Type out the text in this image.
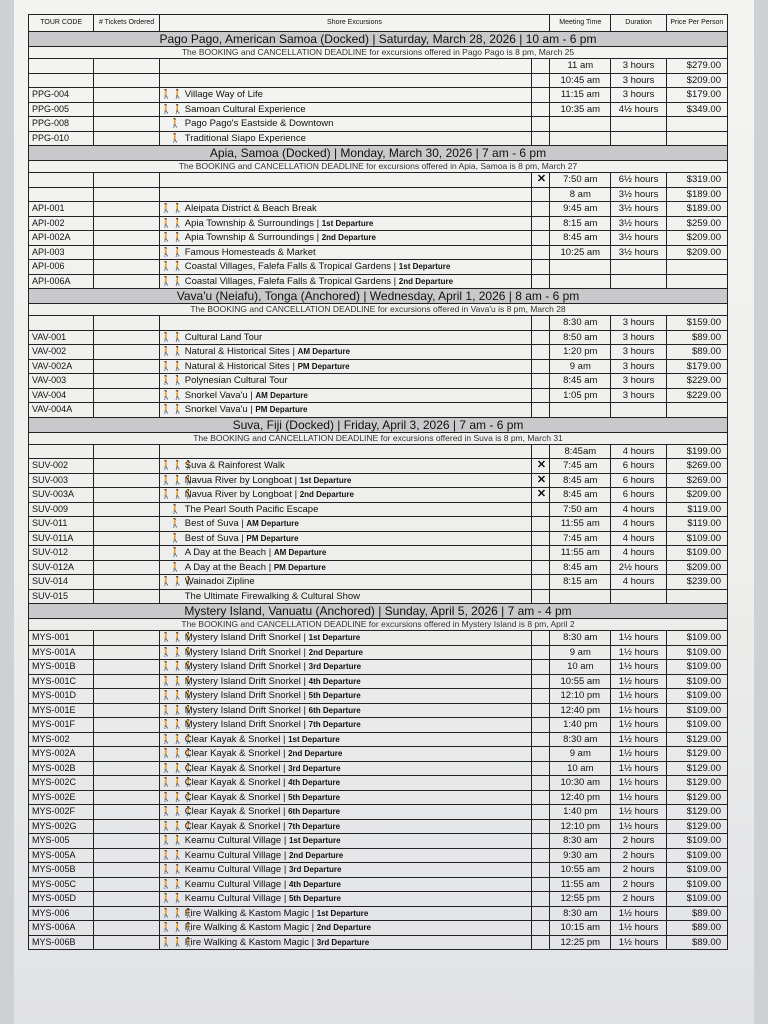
TOUR CODE	# Tickets Ordered	Shore Excursions			Meeting Time	Duration	Price Per Person
Pago Pago, American Samoa (Docked) | Saturday, March 28, 2026 | 10 am - 6 pm							
The BOOKING and CANCELLATION DEADLINE for excursions offered in Pago Pago is 8 pm, March 25							
					11 am	3 hours	$279.00
					10:45 am	3 hours	$209.00
PPG-004		🚶🚶	Village Way of Life		11:15 am	3 hours	$179.00
PPG-005		🚶🚶	Samoan Cultural Experience		10:35 am	4½ hours	$349.00
PPG-008		🚶	Pago Pago's Eastside & Downtown				
PPG-010		🚶	Traditional Siapo Experience				
Apia, Samoa (Docked) | Monday, March 30, 2026 | 7 am - 6 pm							
The BOOKING and CANCELLATION DEADLINE for excursions offered in Apia, Samoa is 8 pm, March 27							
				✕	7:50 am	6½ hours	$319.00
					8 am	3½ hours	$189.00
API-001		🚶🚶	Aleipata District & Beach Break		9:45 am	3½ hours	$189.00
API-002		🚶🚶	Apia Township & Surroundings | 1st Departure		8:15 am	3½ hours	$259.00
API-002A		🚶🚶	Apia Township & Surroundings | 2nd Departure		8:45 am	3½ hours	$209.00
API-003		🚶🚶	Famous Homesteads & Market		10:25 am	3½ hours	$209.00
API-006		🚶🚶	Coastal Villages, Falefa Falls & Tropical Gardens | 1st Departure				
API-006A		🚶🚶	Coastal Villages, Falefa Falls & Tropical Gardens | 2nd Departure				
Vava'u (Neiafu), Tonga (Anchored) | Wednesday, April 1, 2026 | 8 am - 6 pm							
The BOOKING and CANCELLATION DEADLINE for excursions offered in Vava'u is 8 pm, March 28							
					8:30 am	3 hours	$159.00
VAV-001		🚶🚶	Cultural Land Tour		8:50 am	3 hours	$89.00
VAV-002		🚶🚶	Natural & Historical Sites | AM Departure		1:20 pm	3 hours	$89.00
VAV-002A		🚶🚶	Natural & Historical Sites | PM Departure		9 am	3 hours	$179.00
VAV-003		🚶🚶	Polynesian Cultural Tour		8:45 am	3 hours	$229.00
VAV-004		🚶🚶	Snorkel Vava'u | AM Departure		1:05 pm	3 hours	$229.00
VAV-004A		🚶🚶	Snorkel Vava'u | PM Departure				
Suva, Fiji (Docked) | Friday, April 3, 2026 | 7 am - 6 pm							
The BOOKING and CANCELLATION DEADLINE for excursions offered in Suva is 8 pm, March 31							
					8:45am	4 hours	$199.00
SUV-002		🚶🚶🚶	Suva & Rainforest Walk	✕	7:45 am	6 hours	$269.00
SUV-003		🚶🚶🚶	Navua River by Longboat | 1st Departure	✕	8:45 am	6 hours	$269.00
SUV-003A		🚶🚶🚶	Navua River by Longboat | 2nd Departure	✕	8:45 am	6 hours	$209.00
SUV-009		🚶	The Pearl South Pacific Escape		7:50 am	4 hours	$119.00
SUV-011		🚶	Best of Suva | AM Departure		11:55 am	4 hours	$119.00
SUV-011A		🚶	Best of Suva | PM Departure		7:45 am	4 hours	$109.00
SUV-012		🚶	A Day at the Beach | AM Departure		11:55 am	4 hours	$109.00
SUV-012A		🚶	A Day at the Beach | PM Departure		8:45 am	2½ hours	$209.00
SUV-014		🚶🚶🚶	Wainadoi Zipline		8:15 am	4 hours	$239.00
SUV-015			The Ultimate Firewalking & Cultural Show				
Mystery Island, Vanuatu (Anchored) | Sunday, April 5, 2026 | 7 am - 4 pm							
The BOOKING and CANCELLATION DEADLINE for excursions offered in Mystery Island is 8 pm, April 2							
MYS-001		🚶🚶🚶	Mystery Island Drift Snorkel | 1st Departure		8:30 am	1½ hours	$109.00
MYS-001A		🚶🚶🚶	Mystery Island Drift Snorkel | 2nd Departure		9 am	1½ hours	$109.00
MYS-001B		🚶🚶🚶	Mystery Island Drift Snorkel | 3rd Departure		10 am	1½ hours	$109.00
MYS-001C		🚶🚶🚶	Mystery Island Drift Snorkel | 4th Departure		10:55 am	1½ hours	$109.00
MYS-001D		🚶🚶🚶	Mystery Island Drift Snorkel | 5th Departure		12:10 pm	1½ hours	$109.00
MYS-001E		🚶🚶🚶	Mystery Island Drift Snorkel | 6th Departure		12:40 pm	1½ hours	$109.00
MYS-001F		🚶🚶🚶	Mystery Island Drift Snorkel | 7th Departure		1:40 pm	1½ hours	$109.00
MYS-002		🚶🚶🚶	Clear Kayak & Snorkel | 1st Departure		8:30 am	1½ hours	$129.00
MYS-002A		🚶🚶🚶	Clear Kayak & Snorkel | 2nd Departure		9 am	1½ hours	$129.00
MYS-002B		🚶🚶🚶	Clear Kayak & Snorkel | 3rd Departure		10 am	1½ hours	$129.00
MYS-002C		🚶🚶🚶	Clear Kayak & Snorkel | 4th Departure		10:30 am	1½ hours	$129.00
MYS-002E		🚶🚶🚶	Clear Kayak & Snorkel | 5th Departure		12:40 pm	1½ hours	$129.00
MYS-002F		🚶🚶🚶	Clear Kayak & Snorkel | 6th Departure		1:40 pm	1½ hours	$129.00
MYS-002G		🚶🚶🚶	Clear Kayak & Snorkel | 7th Departure		12:10 pm	1½ hours	$129.00
MYS-005		🚶🚶	Keamu Cultural Village | 1st Departure		8:30 am	2 hours	$109.00
MYS-005A		🚶🚶	Keamu Cultural Village | 2nd Departure		9:30 am	2 hours	$109.00
MYS-005B		🚶🚶	Keamu Cultural Village | 3rd Departure		10:55 am	2 hours	$109.00
MYS-005C		🚶🚶	Keamu Cultural Village | 4th Departure		11:55 am	2 hours	$109.00
MYS-005D		🚶🚶	Keamu Cultural Village | 5th Departure		12:55 pm	2 hours	$109.00
MYS-006		🚶🚶🚶	Fire Walking & Kastom Magic | 1st Departure		8:30 am	1½ hours	$89.00
MYS-006A		🚶🚶🚶	Fire Walking & Kastom Magic | 2nd Departure		10:15 am	1½ hours	$89.00
MYS-006B		🚶🚶🚶	Fire Walking & Kastom Magic | 3rd Departure		12:25 pm	1½ hours	$89.00
